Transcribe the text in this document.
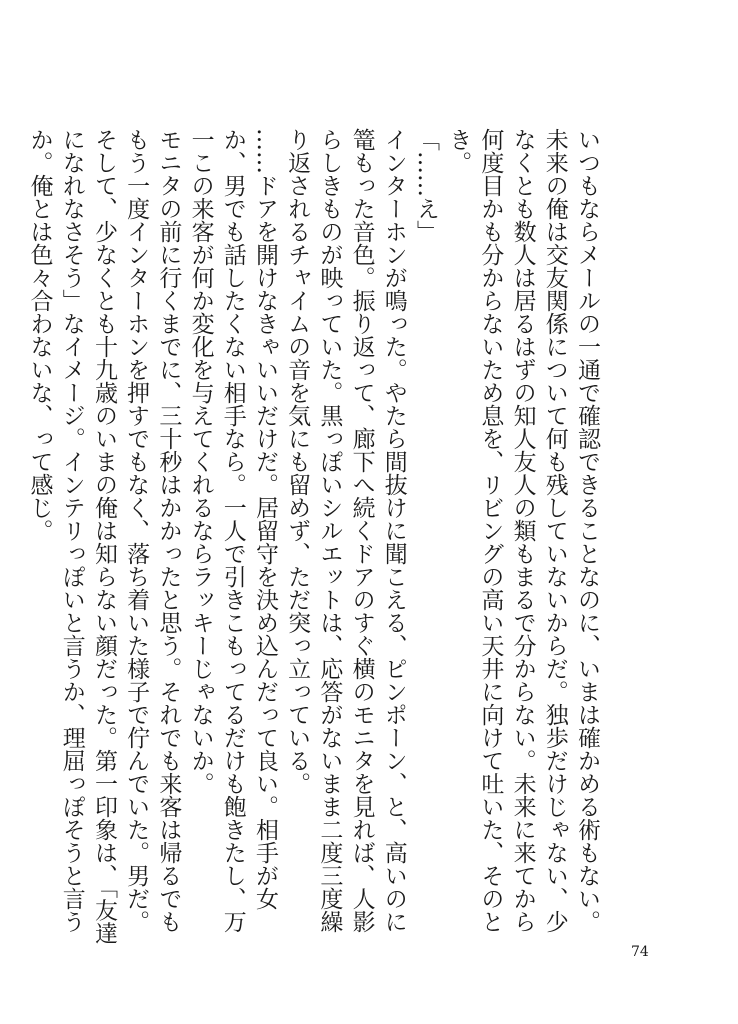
いつもならメールの一通で確認できることなのに、いまは確かめる術もない。未来の俺は交友関係について何も残していないからだ。独歩だけじゃない、少なくとも数人は居るはずの知人友人の類もまるで分からない。未来に来てから何度目かも分からないため息を、リビングの高い天井に向けて吐いた、そのとき。

「……え」

インターホンが鳴った。やたら間抜けに聞こえる、ピンポーン、と、高いのに篭もった音色。振り返って、廊下へ続くドアのすぐ横のモニタを見れば、人影らしきものが映っていた。黒っぽいシルエットは、応答がないまま二度三度繰り返されるチャイムの音を気にも留めず、ただ突っ立っている。

……ドアを開けなきゃいいだけだ。居留守を決め込んだって良い。相手が女か、男でも話したくない相手なら。一人で引きこもってるだけも飽きたし、万一この来客が何か変化を与えてくれるならラッキーじゃないか。

モニタの前に行くまでに、三十秒はかかったと思う。それでも来客は帰るでももう一度インターホンを押すでもなく、落ち着いた様子で佇んでいた。男だ。そして、少なくとも十九歳のいまの俺は知らない顔だった。第一印象は、「友達になれなさそう」なイメージ。インテリっぽいと言うか、理屈っぽそうと言うか。俺とは色々合わないな、って感じ。

74
